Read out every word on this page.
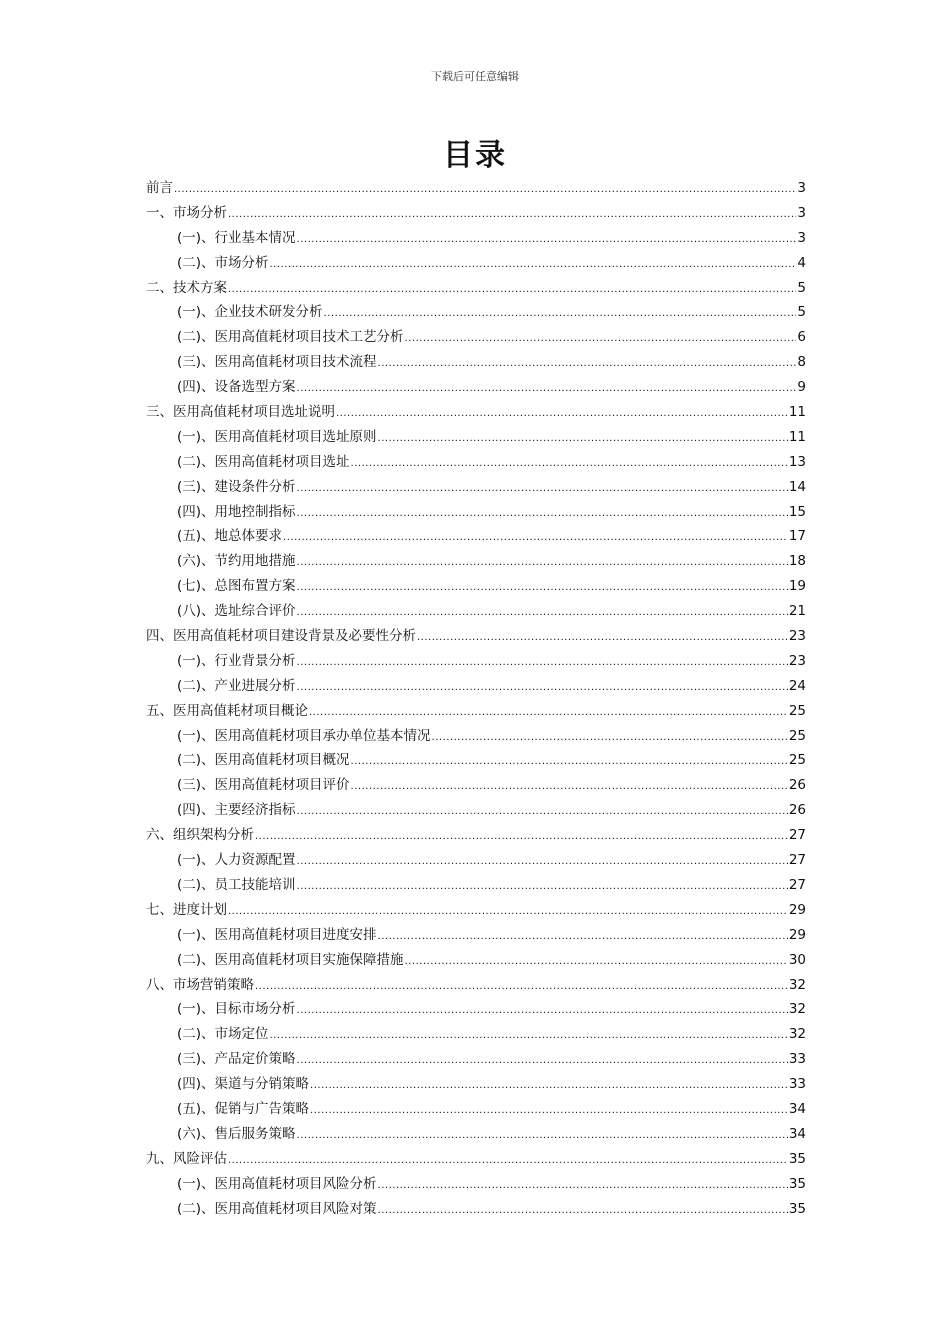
下载后可任意编辑
目录
前言 .....	3
一、市场分析 .....	3
(一)、行业基本情况 .....	3
(二)、市场分析 .....	4
二、技术方案 .....	5
(一)、企业技术研发分析 .....	5
(二)、医用高值耗材项目技术工艺分析 .....	6
(三)、医用高值耗材项目技术流程 .....	8
(四)、设备选型方案 .....	9
三、医用高值耗材项目选址说明 .....	11
(一)、医用高值耗材项目选址原则 .....	11
(二)、医用高值耗材项目选址 .....	13
(三)、建设条件分析 .....	14
(四)、用地控制指标 .....	15
(五)、地总体要求 .....	17
(六)、节约用地措施 .....	18
(七)、总图布置方案 .....	19
(八)、选址综合评价 .....	21
四、医用高值耗材项目建设背景及必要性分析 .....	23
(一)、行业背景分析 .....	23
(二)、产业进展分析 .....	24
五、医用高值耗材项目概论 .....	25
(一)、医用高值耗材项目承办单位基本情况 .....	25
(二)、医用高值耗材项目概况 .....	25
(三)、医用高值耗材项目评价 .....	26
(四)、主要经济指标 .....	26
六、组织架构分析 .....	27
(一)、人力资源配置 .....	27
(二)、员工技能培训 .....	27
七、进度计划 .....	29
(一)、医用高值耗材项目进度安排 .....	29
(二)、医用高值耗材项目实施保障措施 .....	30
八、市场营销策略 .....	32
(一)、目标市场分析 .....	32
(二)、市场定位 .....	32
(三)、产品定价策略 .....	33
(四)、渠道与分销策略 .....	33
(五)、促销与广告策略 .....	34
(六)、售后服务策略 .....	34
九、风险评估 .....	35
(一)、医用高值耗材项目风险分析 .....	35
(二)、医用高值耗材项目风险对策 .....	35
